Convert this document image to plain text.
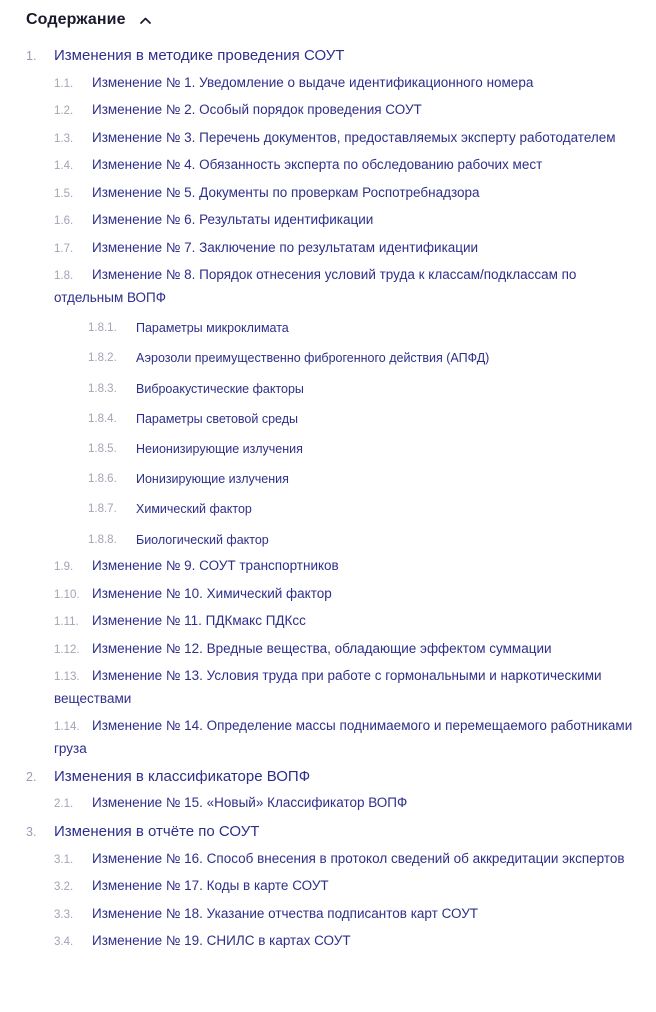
Содержание
1. Изменения в методике проведения СОУТ
1.1. Изменение № 1. Уведомление о выдаче идентификационного номера
1.2. Изменение № 2. Особый порядок проведения СОУТ
1.3. Изменение № 3. Перечень документов, предоставляемых эксперту работодателем
1.4. Изменение № 4. Обязанность эксперта по обследованию рабочих мест
1.5. Изменение № 5. Документы по проверкам Роспотребнадзора
1.6. Изменение № 6. Результаты идентификации
1.7. Изменение № 7. Заключение по результатам идентификации
1.8. Изменение № 8. Порядок отнесения условий труда к классам/подклассам по отдельным ВОПФ
1.8.1. Параметры микроклимата
1.8.2. Аэрозоли преимущественно фиброгенного действия (АПФД)
1.8.3. Виброакустические факторы
1.8.4. Параметры световой среды
1.8.5. Неионизирующие излучения
1.8.6. Ионизирующие излучения
1.8.7. Химический фактор
1.8.8. Биологический фактор
1.9. Изменение № 9. СОУТ транспортников
1.10. Изменение № 10. Химический фактор
1.11. Изменение № 11. ПДКмакс ПДКсс
1.12. Изменение № 12. Вредные вещества, обладающие эффектом суммации
1.13. Изменение № 13. Условия труда при работе с гормональными и наркотическими веществами
1.14. Изменение № 14. Определение массы поднимаемого и перемещаемого работниками груза
2. Изменения в классификаторе ВОПФ
2.1. Изменение № 15. «Новый» Классификатор ВОПФ
3. Изменения в отчёте по СОУТ
3.1. Изменение № 16. Способ внесения в протокол сведений об аккредитации экспертов
3.2. Изменение № 17. Коды в карте СОУТ
3.3. Изменение № 18. Указание отчества подписантов карт СОУТ
3.4. Изменение № 19. СНИЛС в картах СОУТ
